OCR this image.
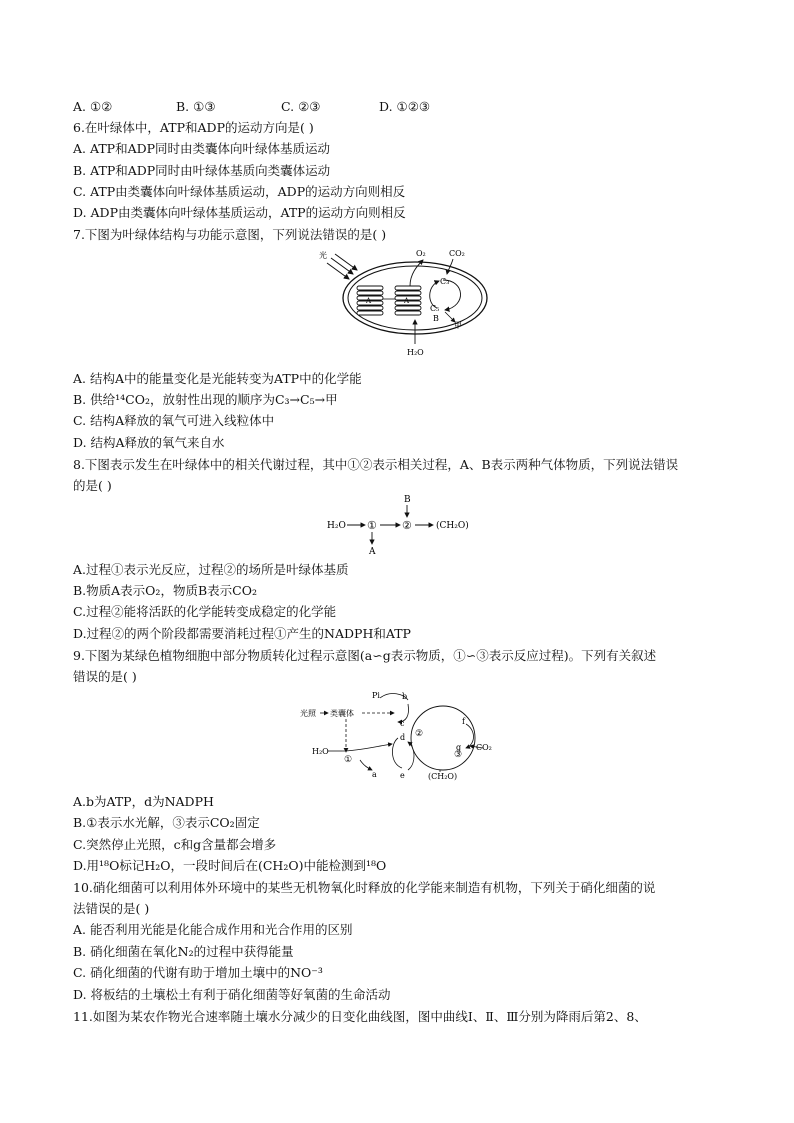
A. ①②	B. ①③	C. ②③	D. ①②③
6.在叶绿体中，ATP和ADP的运动方向是( )
A. ATP和ADP同时由类囊体向叶绿体基质运动
B. ATP和ADP同时由叶绿体基质向类囊体运动
C. ATP由类囊体向叶绿体基质运动，ADP的运动方向则相反
D. ADP由类囊体向叶绿体基质运动，ATP的运动方向则相反
7.下图为叶绿体结构与功能示意图，下列说法错误的是( )
光
A	A
O₂	CO₂
C₃
C₅
甲
B
H₂O
A. 结构A中的能量变化是光能转变为ATP中的化学能
B. 供给¹⁴CO₂，放射性出现的顺序为C₃→C₅→甲
C. 结构A释放的氧气可进入线粒体中
D. 结构A释放的氧气来自水
8.下图表示发生在叶绿体中的相关代谢过程，其中①②表示相关过程，A、B表示两种气体物质，下列说法错误
的是( )
H₂O ① ②	(CH₂O)
B
A
A.过程①表示光反应，过程②的场所是叶绿体基质
B.物质A表示O₂，物质B表示CO₂
C.过程②能将活跃的化学能转变成稳定的化学能
D.过程②的两个阶段都需要消耗过程①产生的NADPH和ATP
9.下图为某绿色植物细胞中部分物质转化过程示意图(a∽g表示物质，①∽③表示反应过程)。下列有关叙述
错误的是( )
光照 类囊体
Pi	b
c
②
③
f
g CO₂
d
e
H₂O
①
a	(CH₂O)
A.b为ATP，d为NADPH
B.①表示水光解，③表示CO₂固定
C.突然停止光照，c和g含量都会增多
D.用¹⁸O标记H₂O，一段时间后在(CH₂O)中能检测到¹⁸O
10.硝化细菌可以利用体外环境中的某些无机物氧化时释放的化学能来制造有机物，下列关于硝化细菌的说
法错误的是( )
A. 能否利用光能是化能合成作用和光合作用的区别
B. 硝化细菌在氧化N₂的过程中获得能量
C. 硝化细菌的代谢有助于增加土壤中的NO⁻³
D. 将板结的土壤松土有利于硝化细菌等好氧菌的生命活动
11.如图为某农作物光合速率随土壤水分减少的日变化曲线图，图中曲线Ⅰ、Ⅱ、Ⅲ分别为降雨后第2、8、
